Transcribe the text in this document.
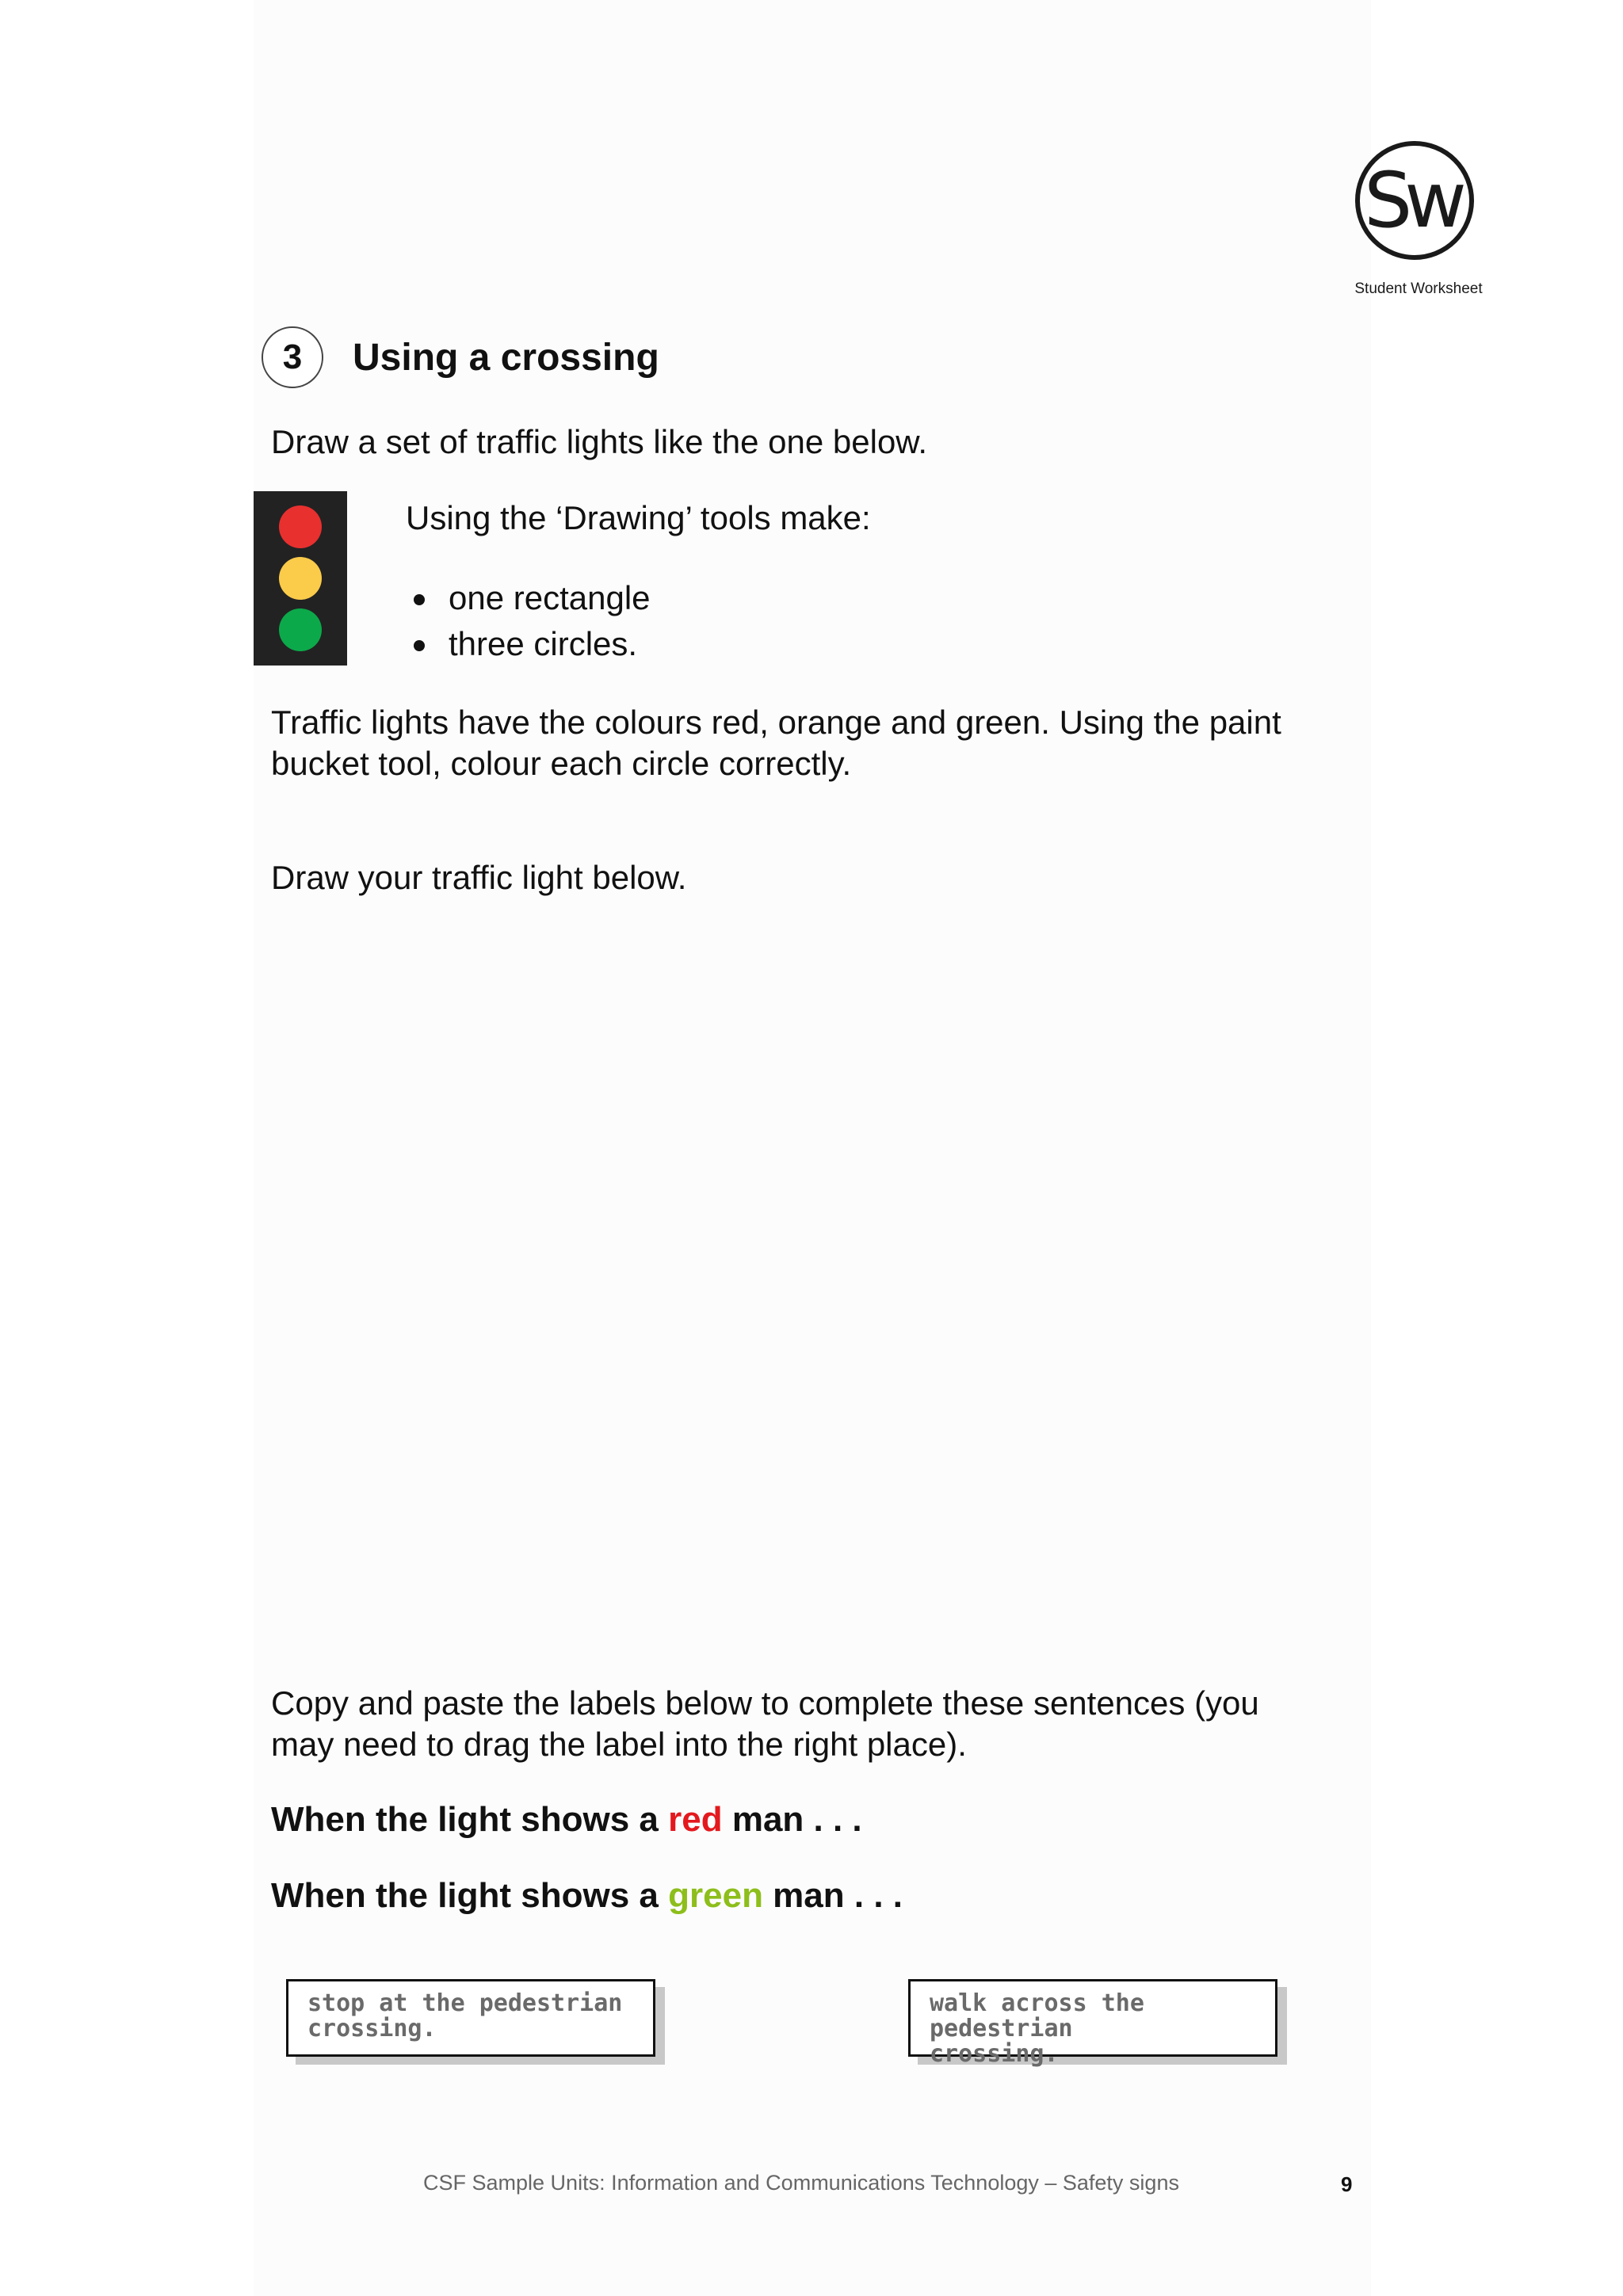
Sw
Student Worksheet
3	Using a crossing
Draw a set of traffic lights like the one below.
Using the ‘Drawing’ tools make:
one rectangle
three circles.
Traffic lights have the colours red, orange and green. Using the paint
bucket tool, colour each circle correctly.
Draw your traffic light below.
Copy and paste the labels below to complete these sentences (you
may need to drag the label into the right place).
When the light shows a red man . . .
When the light shows a green man . . .
stop at the pedestrian
crossing.
walk across the pedestrian
crossing.
CSF Sample Units: Information and Communications Technology – Safety signs	9
